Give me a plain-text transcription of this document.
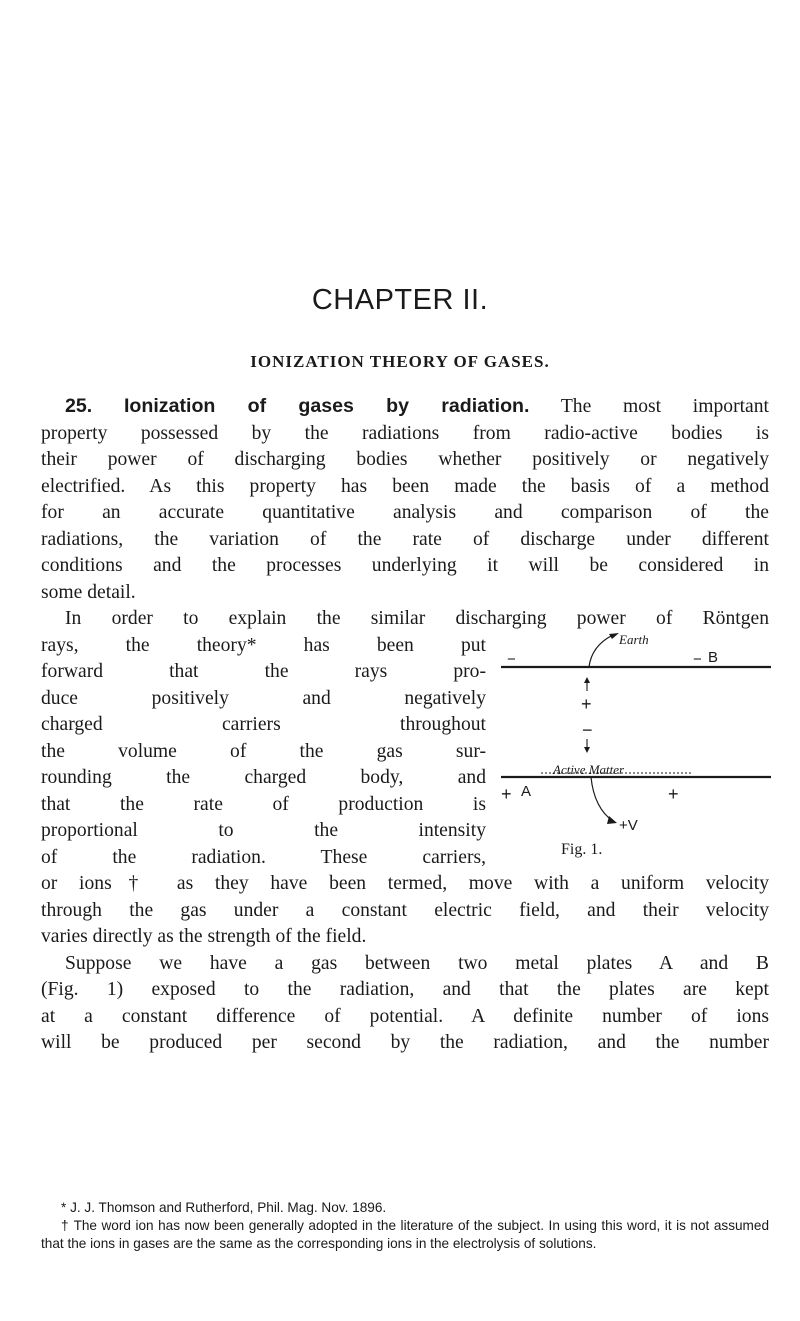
CHAPTER II.
IONIZATION THEORY OF GASES.

25. Ionization of gases by radiation. The most important

property possessed by the radiations from radio-active bodies is

their power of discharging bodies whether positively or negatively

electrified. As this property has been made the basis of a method

for an accurate quantitative analysis and comparison of the

radiations, the variation of the rate of discharge under different

conditions and the processes underlying it will be considered in

some detail.

In order to explain the similar discharging power of Röntgen

rays, the theory* has been put

forward that the rays pro-

duce positively and negatively

charged carriers throughout

the volume of the gas sur-

rounding the charged body, and

that the rate of production is

proportional to the intensity

of the radiation. These carriers,

Earth
−	− B
+
−
Active Matter
+ A	+
+V
Fig. 1.

or ions† as they have been termed, move with a uniform velocity

through the gas under a constant electric field, and their velocity

varies directly as the strength of the field.

Suppose we have a gas between two metal plates A and B

(Fig. 1) exposed to the radiation, and that the plates are kept

at a constant difference of potential. A definite number of ions

will be produced per second by the radiation, and the number

* J. J. Thomson and Rutherford, Phil. Mag. Nov. 1896.

† The word ion has now been generally adopted in the literature of the subject. In using this word, it is not assumed that the ions in gases are the same as the corresponding ions in the electrolysis of solutions.
